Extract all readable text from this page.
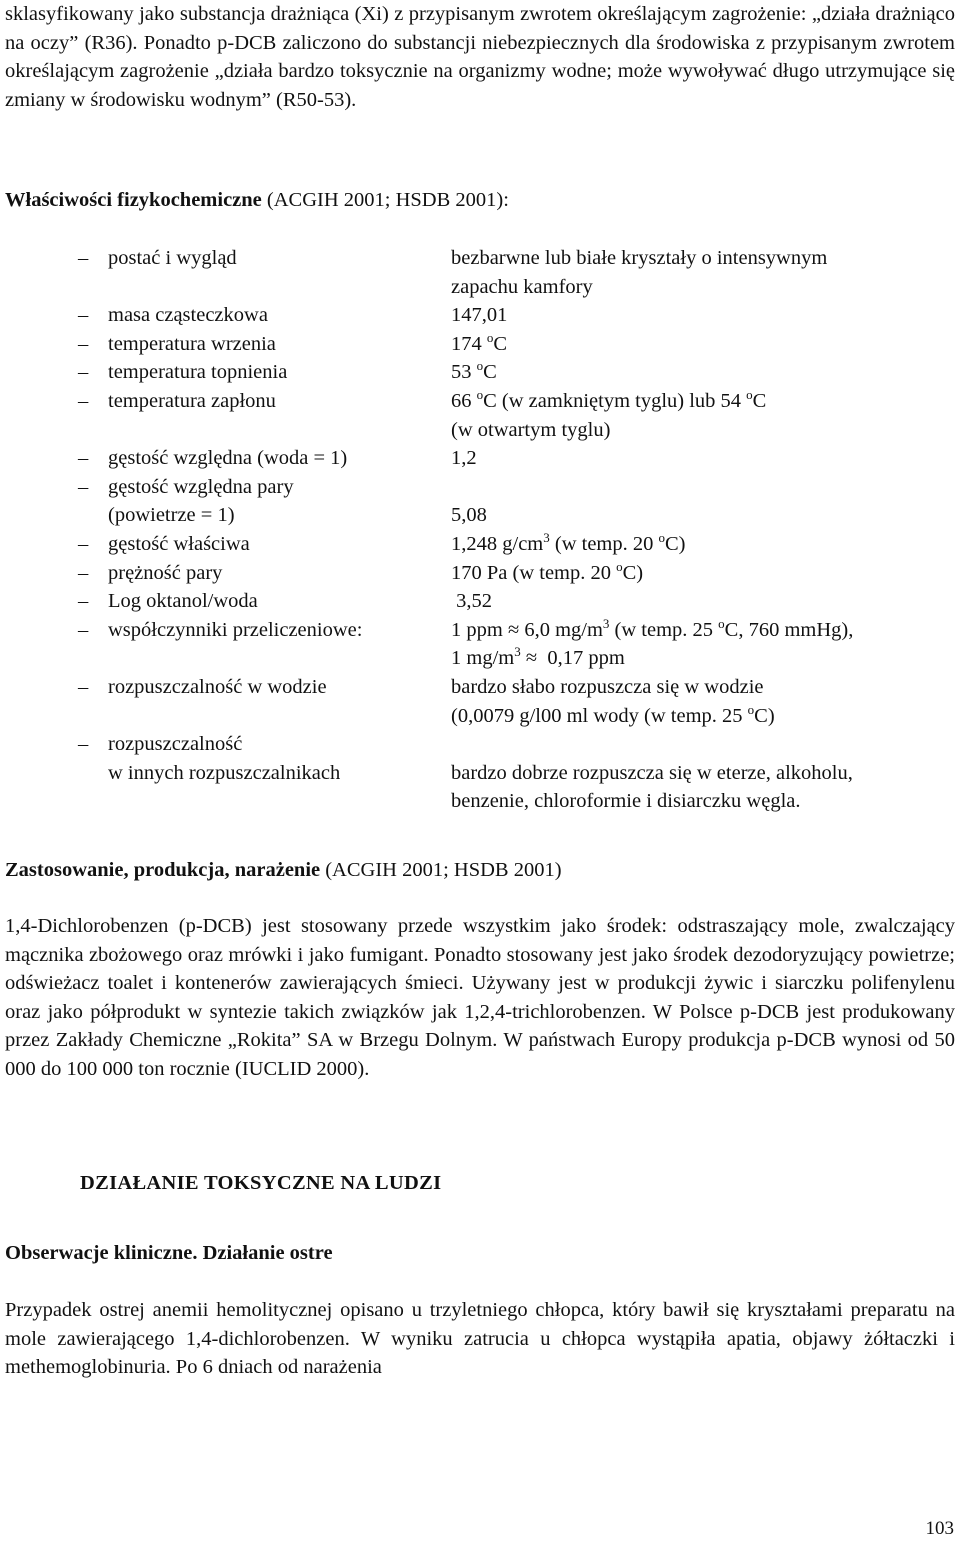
sklasyfikowany jako substancja drażniąca (Xi) z przypisanym zwrotem określającym zagrożenie: „działa drażniąco na oczy” (R36). Ponadto p-DCB zaliczono do substancji niebezpiecznych dla środowiska z przypisanym zwrotem określającym zagrożenie „działa bardzo toksycznie na organizmy wodne; może wywoływać długo utrzymujące się zmiany w środowisku wodnym” (R50-53).

Właściwości fizykochemiczne (ACGIH 2001; HSDB 2001):
– postać i wygląd	bezbarwne lub białe kryształy o intensywnym
zapachu kamfory
– masa cząsteczkowa	147,01
– temperatura wrzenia	174 $^o$C
– temperatura topnienia	53 $^o$C
– temperatura zapłonu	66 $^o$C (w zamkniętym tyglu) lub 54 $^o$C
(w otwartym tyglu)
– gęstość względna (woda = 1)	1,2
– gęstość względna pary
(powietrze = 1)	5,08
– gęstość właściwa	1,248 $g/cm^3$ (w temp. 20 $^o$C)
– prężność pary	170 Pa (w temp. 20 $^o$C)
– Log oktanol/woda	3,52
– współczynniki przeliczeniowe:	1 ppm ≈ 6,0 $mg/m^3$ (w temp. 25 $^o$C, 760 mmHg),
1 $mg/m^3 \approx 0,17$ ppm
– rozpuszczalność w wodzie	bardzo słabo rozpuszcza się w wodzie
(0,0079 g/l00 ml wody (w temp. 25 $^o$C)
– rozpuszczalność
w innych rozpuszczalnikach	bardzo dobrze rozpuszcza się w eterze, alkoholu,
benzenie, chloroformie i disiarczku węgla.
Zastosowanie, produkcja, narażenie (ACGIH 2001; HSDB 2001)

1,4-Dichlorobenzen (p-DCB) jest stosowany przede wszystkim jako środek: odstraszający mole, zwalczający mącznika zbożowego oraz mrówki i jako fumigant. Ponadto stosowany jest jako środek dezodoryzujący powietrze; odświeżacz toalet i kontenerów zawierających śmieci. Używany jest w produkcji żywic i siarczku polifenylenu oraz jako półprodukt w syntezie takich związków jak 1,2,4-trichlorobenzen. W Polsce p-DCB jest produkowany przez Zakłady Chemiczne „Rokita” SA w Brzegu Dolnym. W państwach Europy produkcja p-DCB wynosi od 50 000 do 100 000 ton rocznie (IUCLID 2000).

DZIAŁANIE TOKSYCZNE NA LUDZI
Obserwacje kliniczne. Działanie ostre

Przypadek ostrej anemii hemolitycznej opisano u trzyletniego chłopca, który bawił się kryształami preparatu na mole zawierającego 1,4-dichlorobenzen. W wyniku zatrucia u chłopca wystąpiła apatia, objawy żółtaczki i methemoglobinuria. Po 6 dniach od narażenia

103
